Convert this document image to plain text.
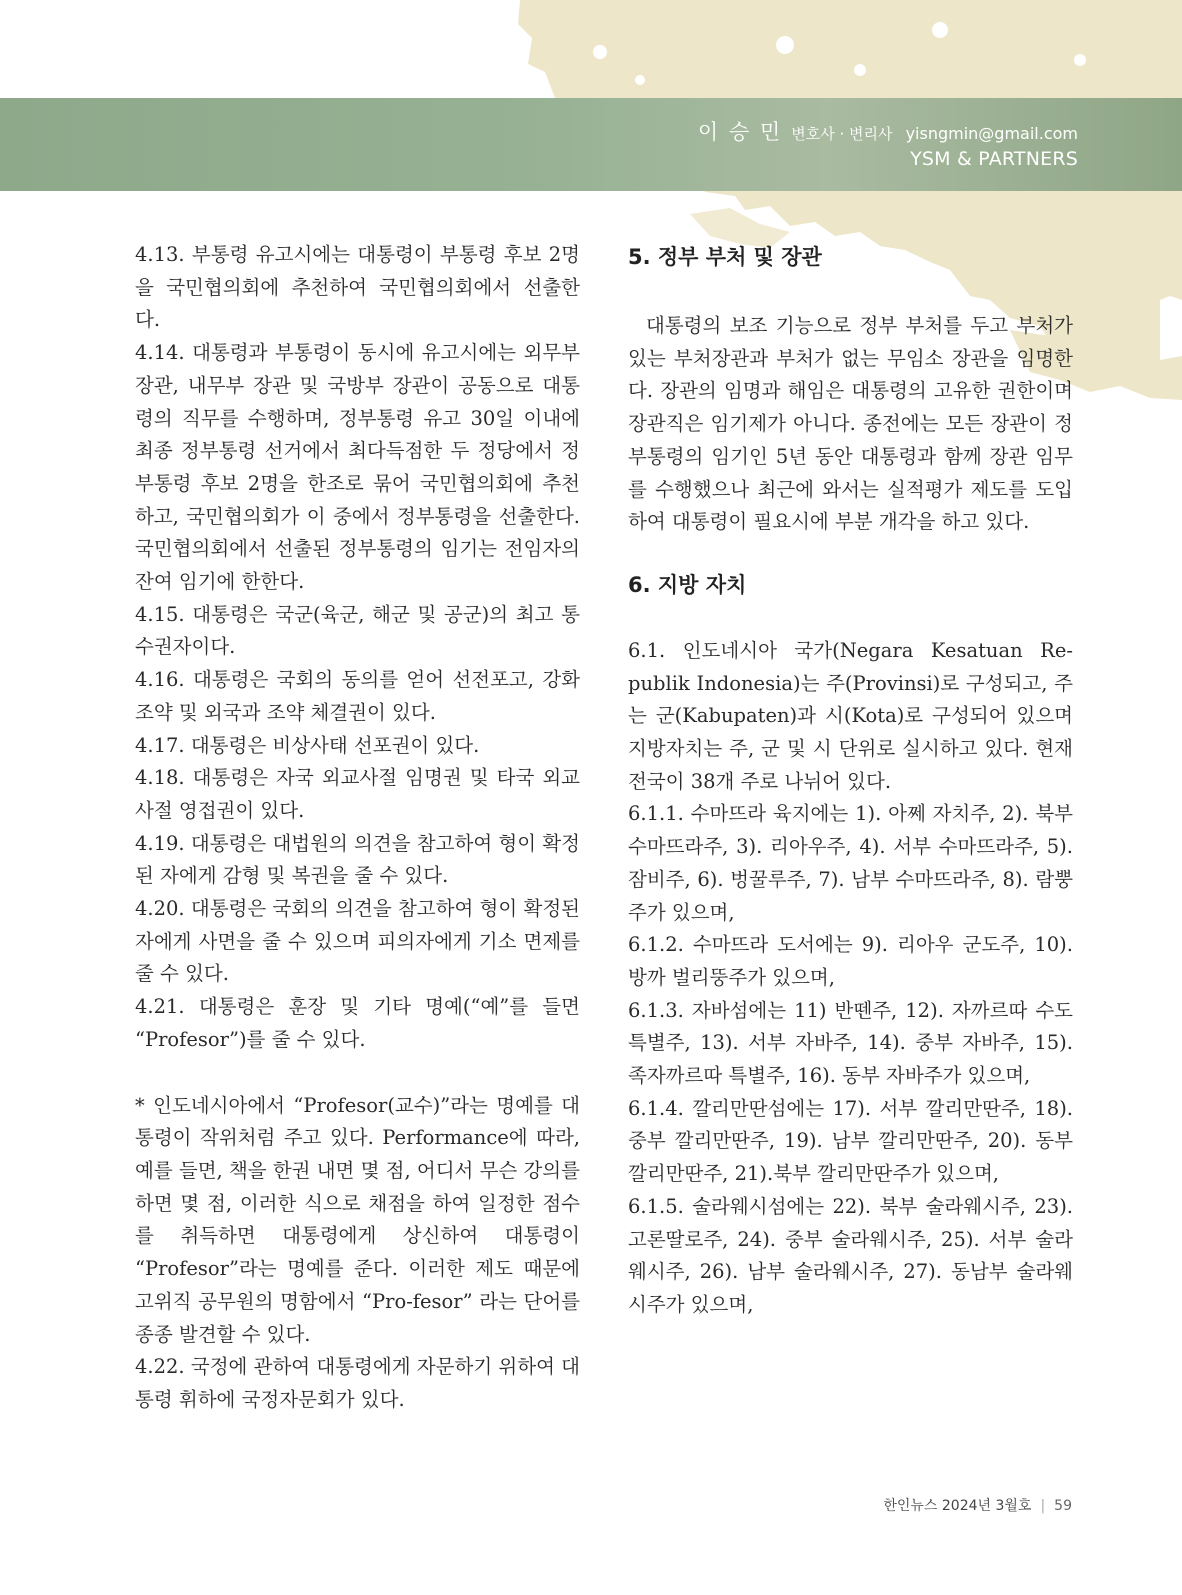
이 승 민 변호사 · 변리사 yisngmin@gmail.com
YSM & PARTNERS

4.13. 부통령 유고시에는 대통령이 부통령 후보 2명을 국민협의회에 추천하여 국민협의회에서 선출한다.

4.14. 대통령과 부통령이 동시에 유고시에는 외무부 장관, 내무부 장관 및 국방부 장관이 공동으로 대통령의 직무를 수행하며, 정부통령 유고 30일 이내에 최종 정부통령 선거에서 최다득점한 두 정당에서 정부통령 후보 2명을 한조로 묶어 국민협의회에 추천하고, 국민협의회가 이 중에서 정부통령을 선출한다. 국민협의회에서 선출된 정부통령의 임기는 전임자의 잔여 임기에 한한다.

4.15. 대통령은 국군(육군, 해군 및 공군)의 최고 통수권자이다.

4.16. 대통령은 국회의 동의를 얻어 선전포고, 강화조약 및 외국과 조약 체결권이 있다.

4.17. 대통령은 비상사태 선포권이 있다.

4.18. 대통령은 자국 외교사절 임명권 및 타국 외교사절 영접권이 있다.

4.19. 대통령은 대법원의 의견을 참고하여 형이 확정된 자에게 감형 및 복권을 줄 수 있다.

4.20. 대통령은 국회의 의견을 참고하여 형이 확정된 자에게 사면을 줄 수 있으며 피의자에게 기소 면제를 줄 수 있다.

4.21. 대통령은 훈장 및 기타 명예(“예”를 들면 “Profesor”)를 줄 수 있다.

* 인도네시아에서 “Profesor(교수)”라는 명예를 대통령이 작위처럼 주고 있다. Performance에 따라, 예를 들면, 책을 한권 내면 몇 점, 어디서 무슨 강의를 하면 몇 점, 이러한 식으로 채점을 하여 일정한 점수를 취득하면 대통령에게 상신하여 대통령이 “Profesor”라는 명예를 준다. 이러한 제도 때문에 고위직 공무원의 명함에서 “Pro-fesor” 라는 단어를 종종 발견할 수 있다.

4.22. 국정에 관하여 대통령에게 자문하기 위하여 대통령 휘하에 국정자문회가 있다.

5. 정부 부처 및 장관

대통령의 보조 기능으로 정부 부처를 두고 부처가 있는 부처장관과 부처가 없는 무임소 장관을 임명한다. 장관의 임명과 해임은 대통령의 고유한 권한이며 장관직은 임기제가 아니다. 종전에는 모든 장관이 정부통령의 임기인 5년 동안 대통령과 함께 장관 임무를 수행했으나 최근에 와서는 실적평가 제도를 도입하여 대통령이 필요시에 부분 개각을 하고 있다.

6. 지방 자치

6.1. 인도네시아 국가(Negara Kesatuan Re-publik Indonesia)는 주(Provinsi)로 구성되고, 주는 군(Kabupaten)과 시(Kota)로 구성되어 있으며 지방자치는 주, 군 및 시 단위로 실시하고 있다. 현재 전국이 38개 주로 나뉘어 있다.

6.1.1. 수마뜨라 육지에는 1). 아쩨 자치주, 2). 북부 수마뜨라주, 3). 리아우주, 4). 서부 수마뜨라주, 5). 잠비주, 6). 벙꿀루주, 7). 남부 수마뜨라주, 8). 람뿡주가 있으며,

6.1.2. 수마뜨라 도서에는 9). 리아우 군도주, 10). 방까 벌리뚱주가 있으며,

6.1.3. 자바섬에는 11) 반뗀주, 12). 자까르따 수도 특별주, 13). 서부 자바주, 14). 중부 자바주, 15). 족자까르따 특별주, 16). 동부 자바주가 있으며,

6.1.4. 깔리만딴섬에는 17). 서부 깔리만딴주, 18). 중부 깔리만딴주, 19). 남부 깔리만딴주, 20). 동부 깔리만딴주, 21).북부 깔리만딴주가 있으며,

6.1.5. 술라웨시섬에는 22). 북부 술라웨시주, 23). 고론딸로주, 24). 중부 술라웨시주, 25). 서부 술라웨시주, 26). 남부 술라웨시주, 27). 동남부 술라웨시주가 있으며,

한인뉴스 2024년 3월호 | 59
